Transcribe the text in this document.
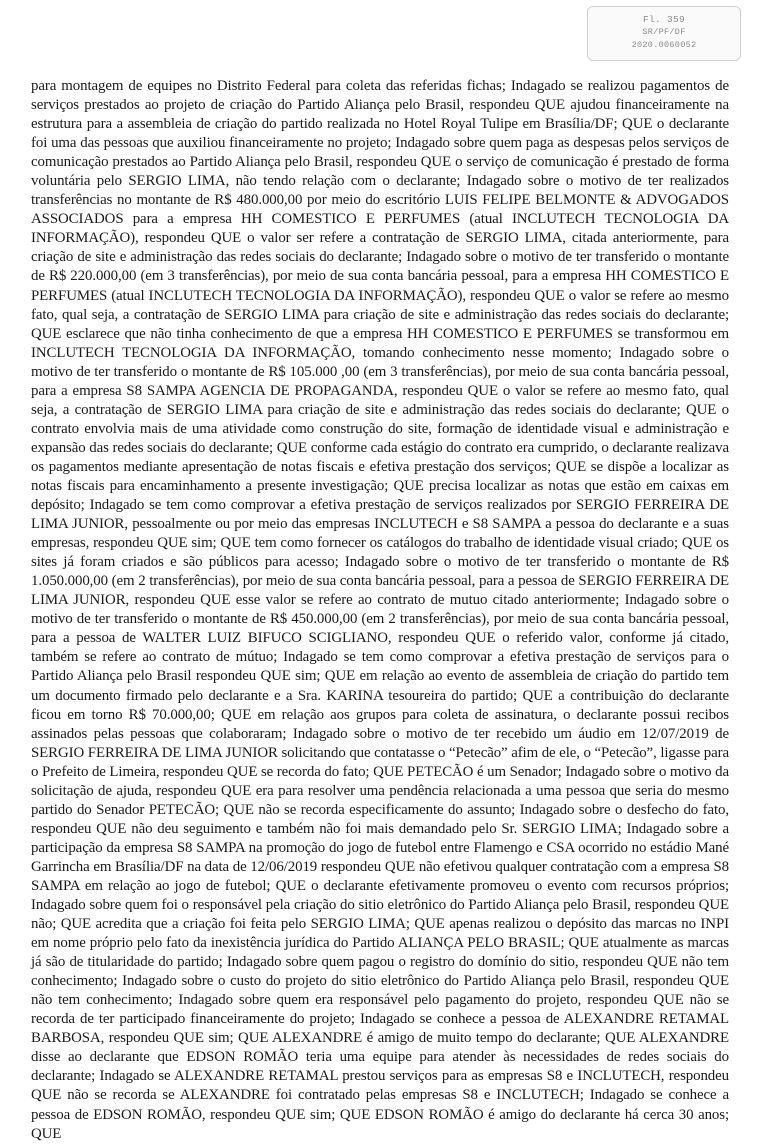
Fl. 359
SR/PF/DF
2020.0060052

para montagem de equipes no Distrito Federal para coleta das referidas fichas; Indagado se realizou pagamentos de serviços prestados ao projeto de criação do Partido Aliança pelo Brasil, respondeu QUE ajudou financeiramente na estrutura para a assembleia de criação do partido realizada no Hotel Royal Tulipe em Brasília/DF; QUE o declarante foi uma das pessoas que auxiliou financeiramente no projeto; Indagado sobre quem paga as despesas pelos serviços de comunicação prestados ao Partido Aliança pelo Brasil, respondeu QUE o serviço de comunicação é prestado de forma voluntária pelo SERGIO LIMA, não tendo relação com o declarante; Indagado sobre o motivo de ter realizados transferências no montante de R$ 480.000,00 por meio do escritório LUIS FELIPE BELMONTE & ADVOGADOS ASSOCIADOS para a empresa HH COMESTICO E PERFUMES (atual INCLUTECH TECNOLOGIA DA INFORMAÇÃO), respondeu QUE o valor ser refere a contratação de SERGIO LIMA, citada anteriormente, para criação de site e administração das redes sociais do declarante; Indagado sobre o motivo de ter transferido o montante de R$ 220.000,00 (em 3 transferências), por meio de sua conta bancária pessoal, para a empresa HH COMESTICO E PERFUMES (atual INCLUTECH TECNOLOGIA DA INFORMAÇÃO), respondeu QUE o valor se refere ao mesmo fato, qual seja, a contratação de SERGIO LIMA para criação de site e administração das redes sociais do declarante; QUE esclarece que não tinha conhecimento de que a empresa HH COMESTICO E PERFUMES se transformou em INCLUTECH TECNOLOGIA DA INFORMAÇÃO, tomando conhecimento nesse momento; Indagado sobre o motivo de ter transferido o montante de R$ 105.000 ,00 (em 3 transferências), por meio de sua conta bancária pessoal, para a empresa S8 SAMPA AGENCIA DE PROPAGANDA, respondeu QUE o valor se refere ao mesmo fato, qual seja, a contratação de SERGIO LIMA para criação de site e administração das redes sociais do declarante; QUE o contrato envolvia mais de uma atividade como construção do site, formação de identidade visual e administração e expansão das redes sociais do declarante; QUE conforme cada estágio do contrato era cumprido, o declarante realizava os pagamentos mediante apresentação de notas fiscais e efetiva prestação dos serviços; QUE se dispõe a localizar as notas fiscais para encaminhamento a presente investigação; QUE precisa localizar as notas que estão em caixas em depósito; Indagado se tem como comprovar a efetiva prestação de serviços realizados por SERGIO FERREIRA DE LIMA JUNIOR, pessoalmente ou por meio das empresas INCLUTECH e S8 SAMPA a pessoa do declarante e a suas empresas, respondeu QUE sim; QUE tem como fornecer os catálogos do trabalho de identidade visual criado; QUE os sites já foram criados e são públicos para acesso; Indagado sobre o motivo de ter transferido o montante de R$ 1.050.000,00 (em 2 transferências), por meio de sua conta bancária pessoal, para a pessoa de SERGIO FERREIRA DE LIMA JUNIOR, respondeu QUE esse valor se refere ao contrato de mutuo citado anteriormente; Indagado sobre o motivo de ter transferido o montante de R$ 450.000,00 (em 2 transferências), por meio de sua conta bancária pessoal, para a pessoa de WALTER LUIZ BIFUCO SCIGLIANO, respondeu QUE o referido valor, conforme já citado, também se refere ao contrato de mútuo; Indagado se tem como comprovar a efetiva prestação de serviços para o Partido Aliança pelo Brasil respondeu QUE sim; QUE em relação ao evento de assembleia de criação do partido tem um documento firmado pelo declarante e a Sra. KARINA tesoureira do partido; QUE a contribuição do declarante ficou em torno R$ 70.000,00; QUE em relação aos grupos para coleta de assinatura, o declarante possui recibos assinados pelas pessoas que colaboraram; Indagado sobre o motivo de ter recebido um áudio em 12/07/2019 de SERGIO FERREIRA DE LIMA JUNIOR solicitando que contatasse o “Petecão” afim de ele, o “Petecão”, ligasse para o Prefeito de Limeira, respondeu QUE se recorda do fato; QUE PETECÃO é um Senador; Indagado sobre o motivo da solicitação de ajuda, respondeu QUE era para resolver uma pendência relacionada a uma pessoa que seria do mesmo partido do Senador PETECÃO; QUE não se recorda especificamente do assunto; Indagado sobre o desfecho do fato, respondeu QUE não deu seguimento e também não foi mais demandado pelo Sr. SERGIO LIMA; Indagado sobre a participação da empresa S8 SAMPA na promoção do jogo de futebol entre Flamengo e CSA ocorrido no estádio Mané Garrincha em Brasília/DF na data de 12/06/2019 respondeu QUE não efetivou qualquer contratação com a empresa S8 SAMPA em relação ao jogo de futebol; QUE o declarante efetivamente promoveu o evento com recursos próprios; Indagado sobre quem foi o responsável pela criação do sitio eletrônico do Partido Aliança pelo Brasil, respondeu QUE não; QUE acredita que a criação foi feita pelo SERGIO LIMA; QUE apenas realizou o depósito das marcas no INPI em nome próprio pelo fato da inexistência jurídica do Partido ALIANÇA PELO BRASIL; QUE atualmente as marcas já são de titularidade do partido; Indagado sobre quem pagou o registro do domínio do sitio, respondeu QUE não tem conhecimento; Indagado sobre o custo do projeto do sitio eletrônico do Partido Aliança pelo Brasil, respondeu QUE não tem conhecimento; Indagado sobre quem era responsável pelo pagamento do projeto, respondeu QUE não se recorda de ter participado financeiramente do projeto; Indagado se conhece a pessoa de ALEXANDRE RETAMAL BARBOSA, respondeu QUE sim; QUE ALEXANDRE é amigo de muito tempo do declarante; QUE ALEXANDRE disse ao declarante que EDSON ROMÃO teria uma equipe para atender às necessidades de redes sociais do declarante; Indagado se ALEXANDRE RETAMAL prestou serviços para as empresas S8 e INCLUTECH, respondeu QUE não se recorda se ALEXANDRE foi contratado pelas empresas S8 e INCLUTECH; Indagado se conhece a pessoa de EDSON ROMÃO, respondeu QUE sim; QUE EDSON ROMÃO é amigo do declarante há cerca 30 anos; QUE
